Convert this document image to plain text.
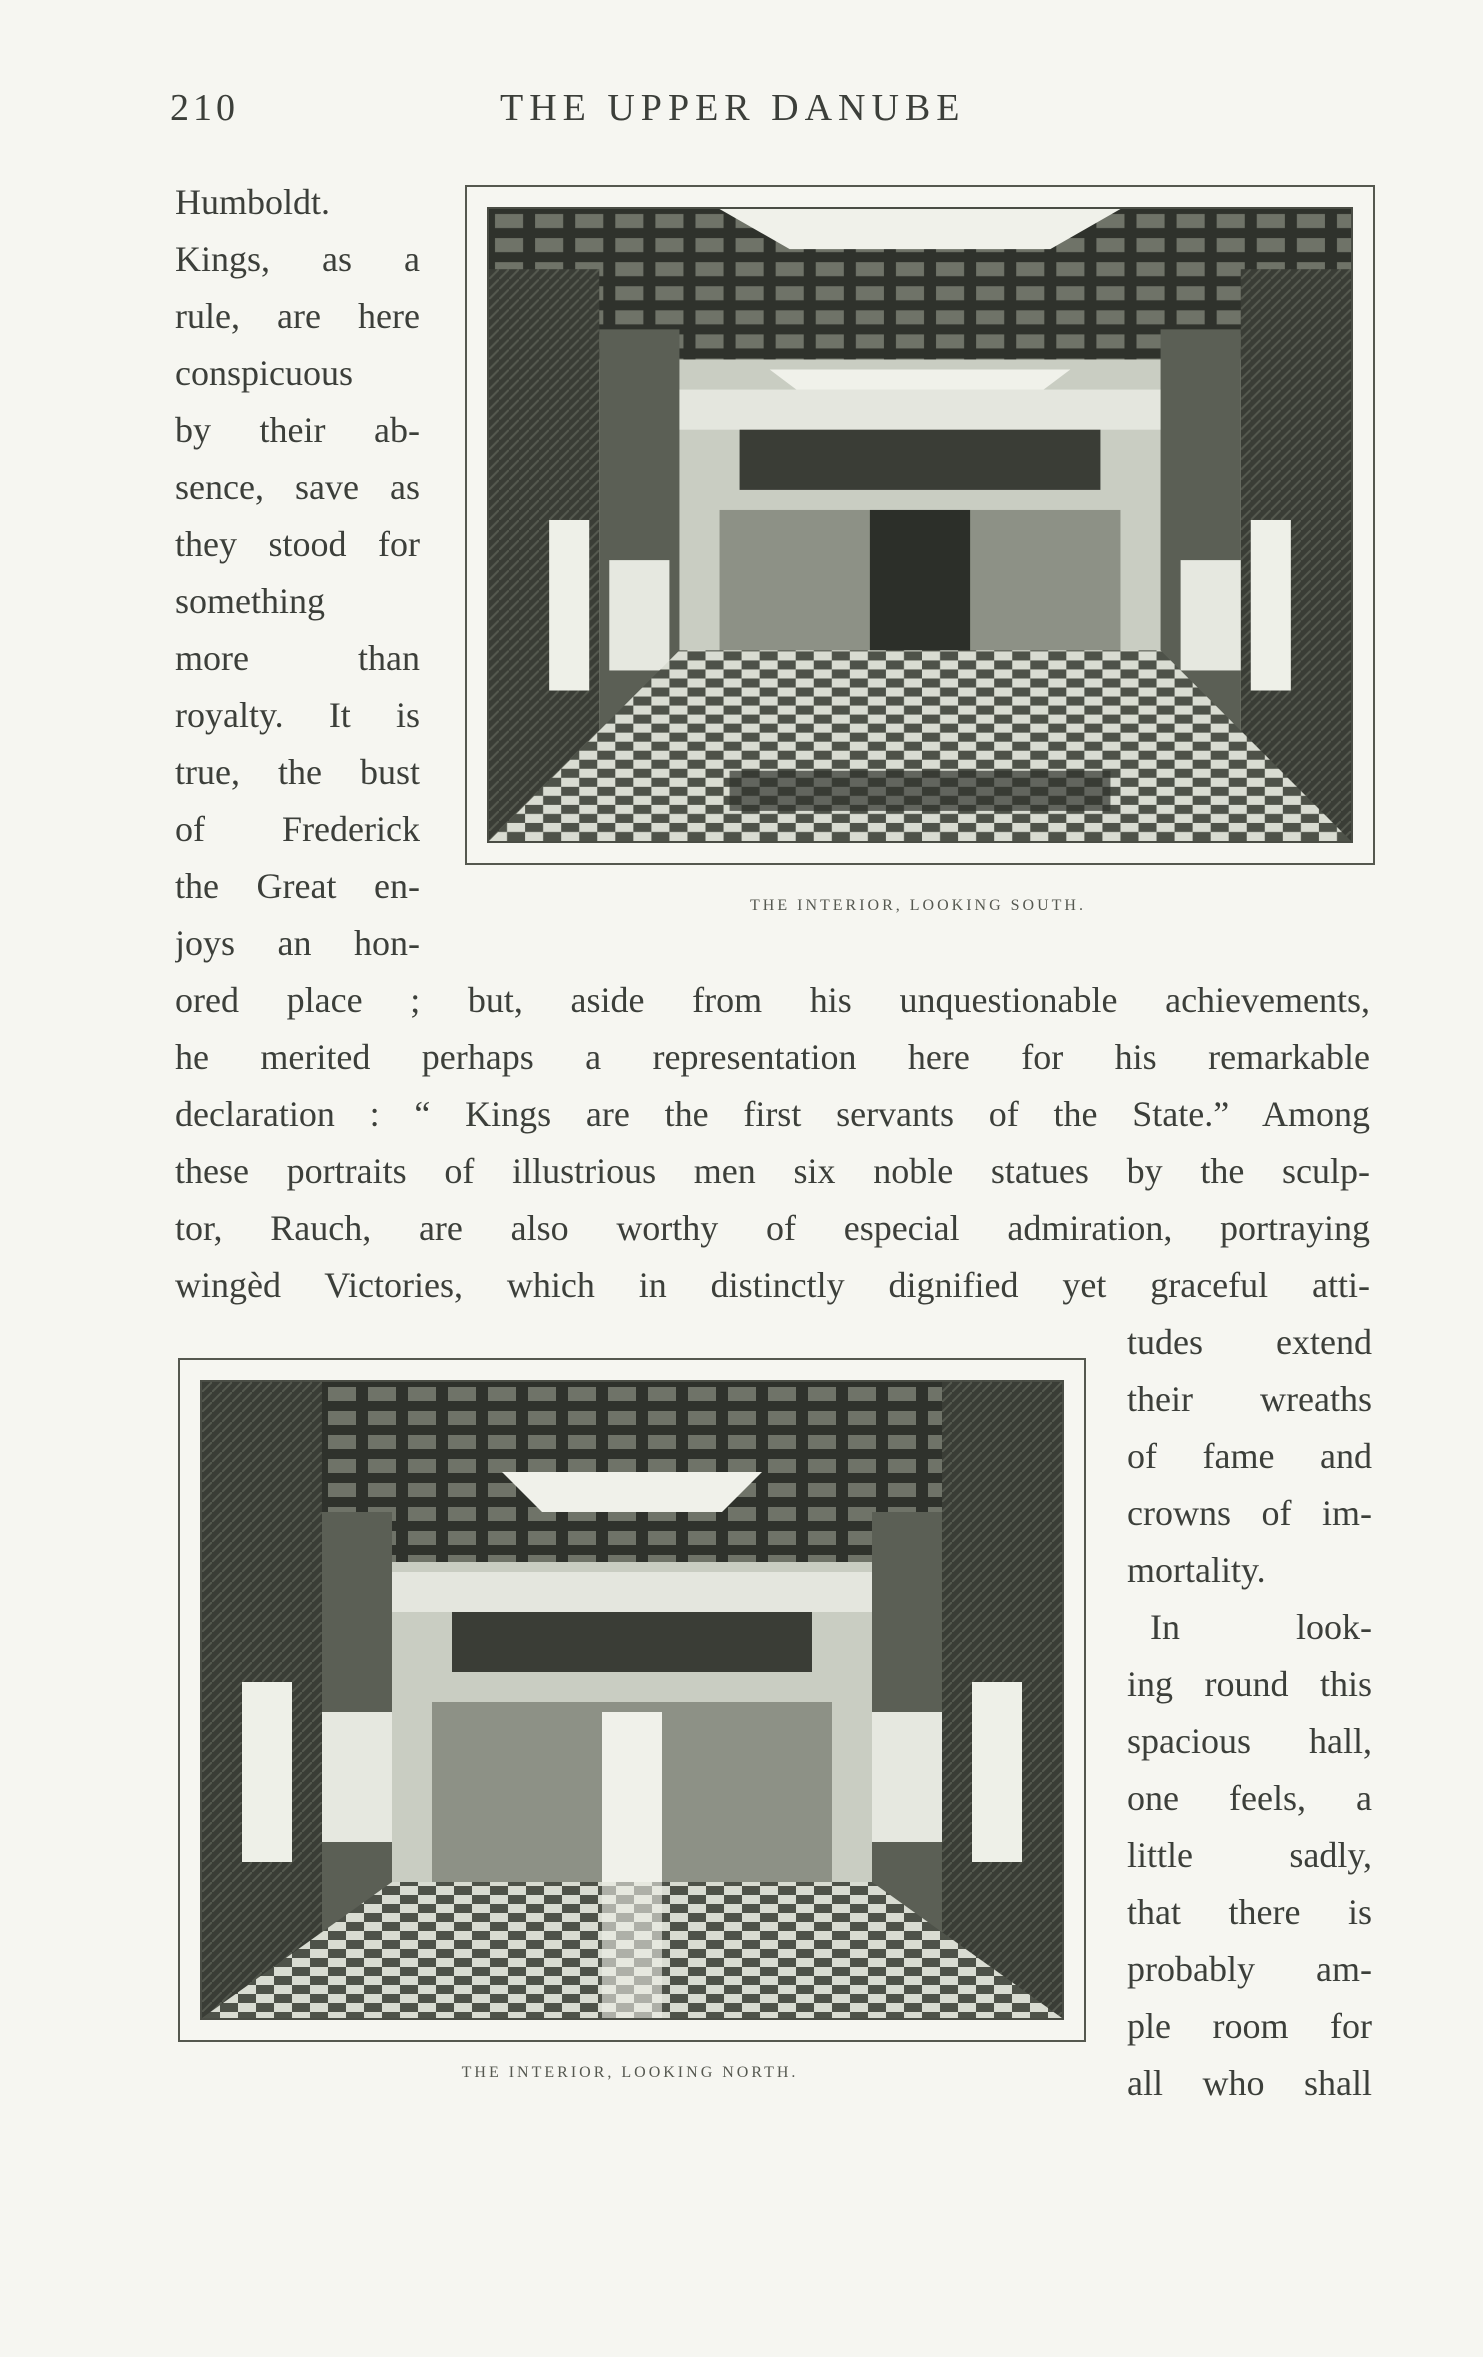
210	THE UPPER DANUBE
THE INTERIOR, LOOKING SOUTH.
THE INTERIOR, LOOKING NORTH.
Humboldt.
Kings, as a
rule, are here
conspicuous
by their ab-
sence, save as
they stood for
something
more than
royalty. It is
true, the bust
of Frederick
the Great en-
joys an hon-
ored place ; but, aside from his unquestionable achievements,
he merited perhaps a representation here for his remarkable
declaration : “ Kings are the first servants of the State.” Among
these portraits of illustrious men six noble statues by the sculp-
tor, Rauch, are also worthy of especial admiration, portraying
wingèd Victories, which in distinctly dignified yet graceful atti-
tudes extend
their wreaths
of fame and
crowns of im-
mortality.
In look-
ing round this
spacious hall,
one feels, a
little sadly,
that there is
probably am-
ple room for
all who shall
